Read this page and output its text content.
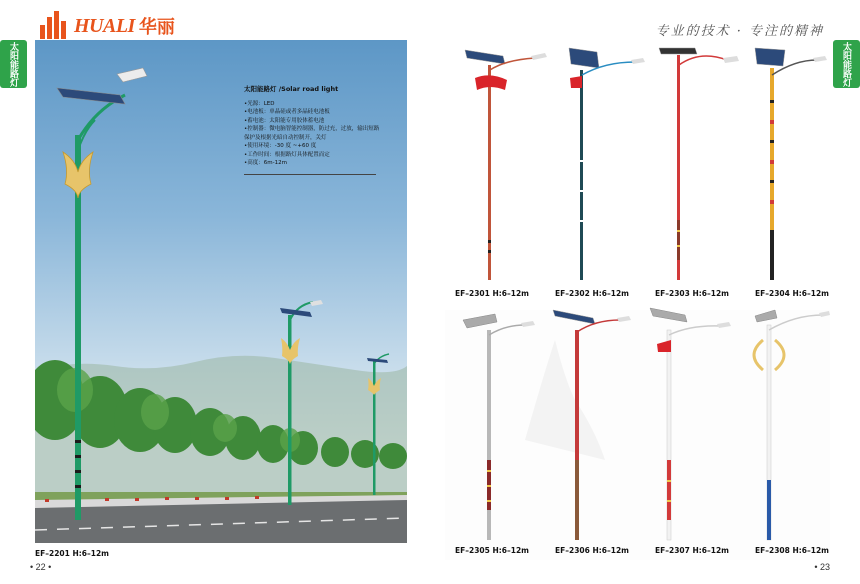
HUALI 华丽	专业的技术 · 专注的精神
太阳能路灯	太阳能路灯
太阳能路灯 /Solar road light
•光源：LED
•电池板：单晶硅或者多晶硅电池板
•蓄电池：太阳能专用胶体蓄电池
•控制器：微电脑智能控制器，防过充，过放，输出短路保护及根据光暗自动控制开，关灯
•使用环境：-30 度 ~+60 度
•工作时间：根据路灯具体配置而定
•高度：6m-12m
EF–2201 H:6–12m
EF–2301 H:6–12m	EF–2302 H:6–12m	EF–2303 H:6–12m	EF–2304 H:6–12m
EF–2305 H:6–12m	EF–2306 H:6–12m	EF–2307 H:6–12m	EF–2308 H:6–12m
• 22 •	• 23
